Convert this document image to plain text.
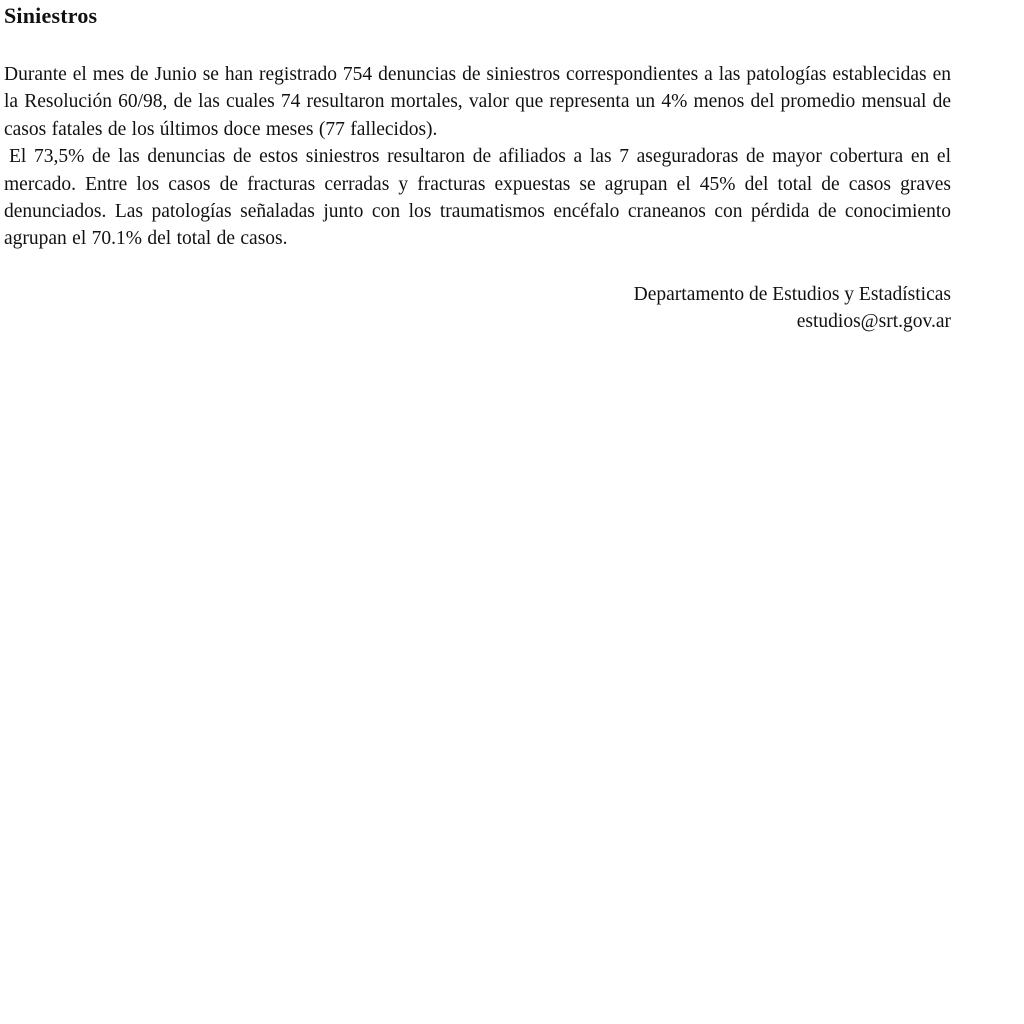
Siniestros

Durante el mes de Junio se han registrado 754 denuncias de siniestros correspondientes a las patologías establecidas en la Resolución 60/98, de las cuales 74 resultaron mortales, valor que representa un 4% menos del promedio mensual de casos fatales de los últimos doce meses (77 fallecidos).

El 73,5% de las denuncias de estos siniestros resultaron de afiliados a las 7 aseguradoras de mayor cobertura en el mercado. Entre los casos de fracturas cerradas y fracturas expuestas se agrupan el 45% del total de casos graves denunciados. Las patologías señaladas junto con los traumatismos encéfalo craneanos con pérdida de conocimiento agrupan el 70.1% del total de casos.

Departamento de Estudios y Estadísticas
estudios@srt.gov.ar
